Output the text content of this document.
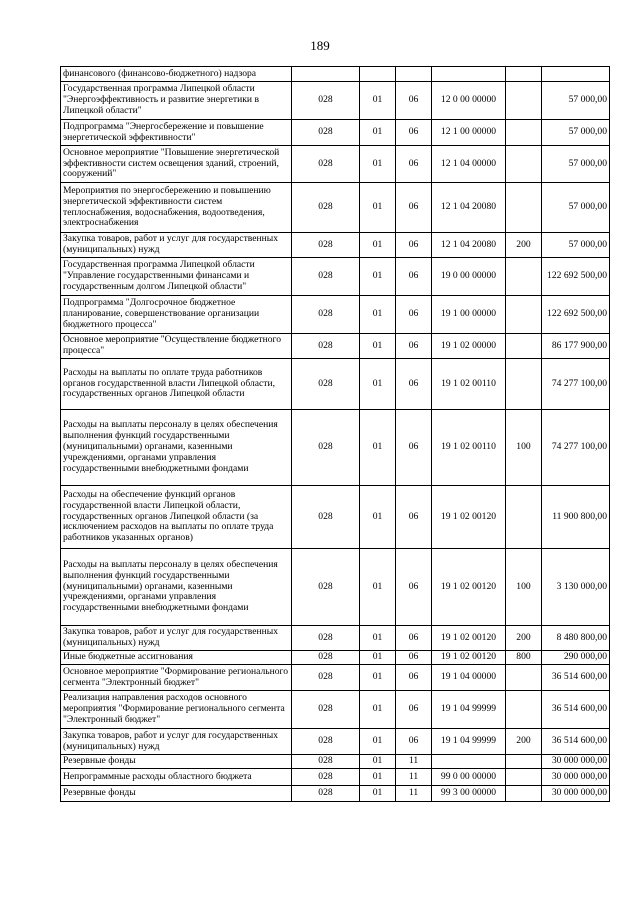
189
финансового (финансово-бюджетного) надзора						
Государственная программа Липецкой области "Энергоэффективность и развитие энергетики в Липецкой области"	028	01	06	12 0 00 00000		57 000,00
Подпрограмма "Энергосбережение и повышение энергетической эффективности"	028	01	06	12 1 00 00000		57 000,00
Основное мероприятие "Повышение энергетической эффективности систем освещения зданий, строений, сооружений"	028	01	06	12 1 04 00000		57 000,00
Мероприятия по энергосбережению и повышению энергетической эффективности систем теплоснабжения, водоснабжения, водоотведения, электроснабжения	028	01	06	12 1 04 20080		57 000,00
Закупка товаров, работ и услуг для государственных (муниципальных) нужд	028	01	06	12 1 04 20080	200	57 000,00
Государственная программа Липецкой области "Управление государственными финансами и государственным долгом Липецкой области"	028	01	06	19 0 00 00000		122 692 500,00
Подпрограмма "Долгосрочное бюджетное планирование, совершенствование организации бюджетного процесса"	028	01	06	19 1 00 00000		122 692 500,00
Основное мероприятие "Осуществление бюджетного процесса"	028	01	06	19 1 02 00000		86 177 900,00
Расходы на выплаты по оплате труда работников органов государственной власти Липецкой области, государственных органов Липецкой области	028	01	06	19 1 02 00110		74 277 100,00
Расходы на выплаты персоналу в целях обеспечения выполнения функций государственными (муниципальными) органами, казенными учреждениями, органами управления государственными внебюджетными фондами	028	01	06	19 1 02 00110	100	74 277 100,00
Расходы на обеспечение функций органов государственной власти Липецкой области, государственных органов Липецкой области (за исключением расходов на выплаты по оплате труда работников указанных органов)	028	01	06	19 1 02 00120		11 900 800,00
Расходы на выплаты персоналу в целях обеспечения выполнения функций государственными (муниципальными) органами, казенными учреждениями, органами управления государственными внебюджетными фондами	028	01	06	19 1 02 00120	100	3 130 000,00
Закупка товаров, работ и услуг для государственных (муниципальных) нужд	028	01	06	19 1 02 00120	200	8 480 800,00
Иные бюджетные ассигнования	028	01	06	19 1 02 00120	800	290 000,00
Основное мероприятие "Формирование регионального сегмента "Электронный бюджет"	028	01	06	19 1 04 00000		36 514 600,00
Реализация направления расходов основного мероприятия "Формирование регионального сегмента "Электронный бюджет"	028	01	06	19 1 04 99999		36 514 600,00
Закупка товаров, работ и услуг для государственных (муниципальных) нужд	028	01	06	19 1 04 99999	200	36 514 600,00
Резервные фонды	028	01	11			30 000 000,00
Непрограммные расходы областного бюджета	028	01	11	99 0 00 00000		30 000 000,00
Резервные фонды	028	01	11	99 3 00 00000		30 000 000,00
